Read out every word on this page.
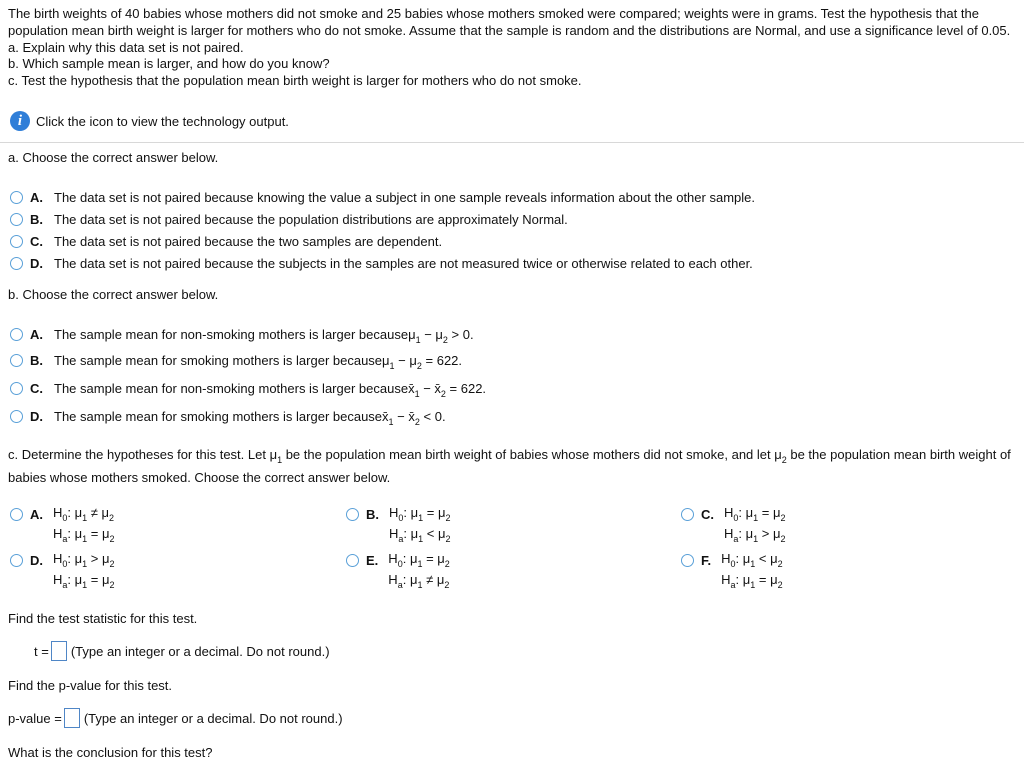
The birth weights of 40 babies whose mothers did not smoke and 25 babies whose mothers smoked were compared; weights were in grams. Test the hypothesis that the population mean birth weight is larger for mothers who do not smoke. Assume that the sample is random and the distributions are Normal, and use a significance level of 0.05.

a. Explain why this data set is not paired.

b. Which sample mean is larger, and how do you know?

c. Test the hypothesis that the population mean birth weight is larger for mothers who do not smoke.

i	Click the icon to view the technology output.
a. Choose the correct answer below.
A. The data set is not paired because knowing the value a subject in one sample reveals information about the other sample.
B. The data set is not paired because the population distributions are approximately Normal.
C. The data set is not paired because the two samples are dependent.
D. The data set is not paired because the subjects in the samples are not measured twice or otherwise related to each other.
b. Choose the correct answer below.
A. The sample mean for non-smoking mothers is larger because $\mu_1 - \mu_2 > 0$.
B. The sample mean for smoking mothers is larger because $\mu_1 - \mu_2 = 622$.
C. The sample mean for non-smoking mothers is larger because $x̄_1$ − $x̄_2 = 622$.
D. The sample mean for smoking mothers is larger because $x̄_1$ − $x̄_2 < 0$.
c. Determine the hypotheses for this test. Let $\mu_1$ be the population mean birth weight of babies whose mothers did not smoke, and let $\mu_2$ be the population mean birth weight of babies whose mothers smoked. Choose the correct answer below.
A. $H_0$: $\mu_1 \ne \mu_2$
$H_a$: $\mu_1 = \mu_2$
B. $H_0$: $\mu_1 = \mu_2$
$H_a$: $\mu_1 < \mu_2$
C. $H_0$: $\mu_1 = \mu_2$
$H_a$: $\mu_1 > \mu_2$
D. $H_0$: $\mu_1 > \mu_2$
$H_a$: $\mu_1 = \mu_2$
E. $H_0$: $\mu_1 = \mu_2$
$H_a$: $\mu_1 \ne \mu_2$
F. $H_0$: $\mu_1 < \mu_2$
$H_a$: $\mu_1 = \mu_2$
Find the test statistic for this test.
t = (Type an integer or a decimal. Do not round.)
Find the p-value for this test.
p-value = (Type an integer or a decimal. Do not round.)
What is the conclusion for this test?
